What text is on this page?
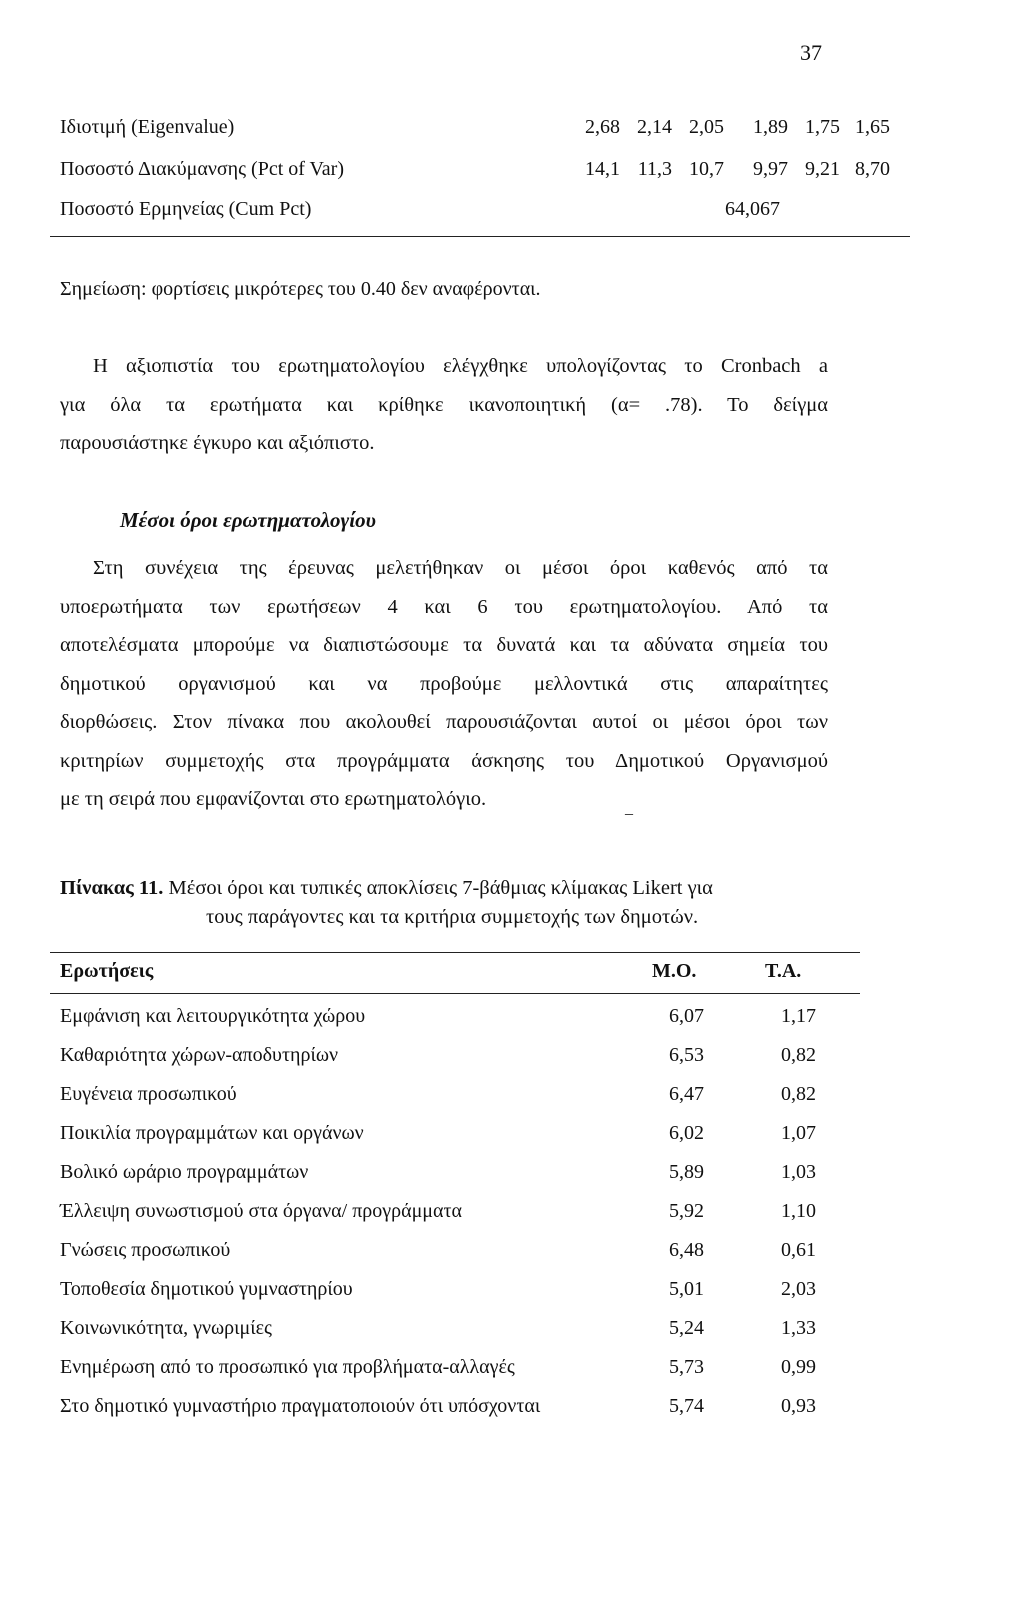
37
Ιδιοτιμή (Eigenvalue)	2,68 2,14 2,05	1,89 1,75 1,65
Ποσοστό Διακύμανσης (Pct of Var)	14,1 11,3 10,7	9,97 9,21 8,70
Ποσοστό Ερμηνείας (Cum Pct)	64,067
Σημείωση: φορτίσεις μικρότερες του 0.40 δεν αναφέρονται.
Η αξιοπιστία του ερωτηματολογίου ελέγχθηκε υπολογίζοντας το Cronbach a
για όλα τα ερωτήματα και κρίθηκε ικανοποιητική (α= .78). Το δείγμα
παρουσιάστηκε έγκυρο και αξιόπιστο.
Μέσοι όροι ερωτηματολογίου
Στη συνέχεια της έρευνας μελετήθηκαν οι μέσοι όροι καθενός από τα
υποερωτήματα των ερωτήσεων 4 και 6 του ερωτηματολογίου. Από τα
αποτελέσματα μπορούμε να διαπιστώσουμε τα δυνατά και τα αδύνατα σημεία του
δημοτικού οργανισμού και να προβούμε μελλοντικά στις απαραίτητες
διορθώσεις. Στον πίνακα που ακολουθεί παρουσιάζονται αυτοί οι μέσοι όροι των
κριτηρίων συμμετοχής στα προγράμματα άσκησης του Δημοτικού Οργανισμού
με τη σειρά που εμφανίζονται στο ερωτηματολόγιο.	_
Πίνακας 11. Μέσοι όροι και τυπικές αποκλίσεις 7-βάθμιας κλίμακας Likert για
τους παράγοντες και τα κριτήρια συμμετοχής των δημοτών.
Ερωτήσεις	Μ.Ο.	Τ.Α.
Εμφάνιση και λειτουργικότητα χώρου	6,07	1,17
Καθαριότητα χώρων-αποδυτηρίων	6,53	0,82
Ευγένεια προσωπικού	6,47	0,82
Ποικιλία προγραμμάτων και οργάνων	6,02	1,07
Βολικό ωράριο προγραμμάτων	5,89	1,03
Έλλειψη συνωστισμού στα όργανα/ προγράμματα	5,92	1,10
Γνώσεις προσωπικού	6,48	0,61
Τοποθεσία δημοτικού γυμναστηρίου	5,01	2,03
Κοινωνικότητα, γνωριμίες	5,24	1,33
Ενημέρωση από το προσωπικό για προβλήματα-αλλαγές	5,73	0,99
Στο δημοτικό γυμναστήριο πραγματοποιούν ότι υπόσχονται	5,74	0,93
